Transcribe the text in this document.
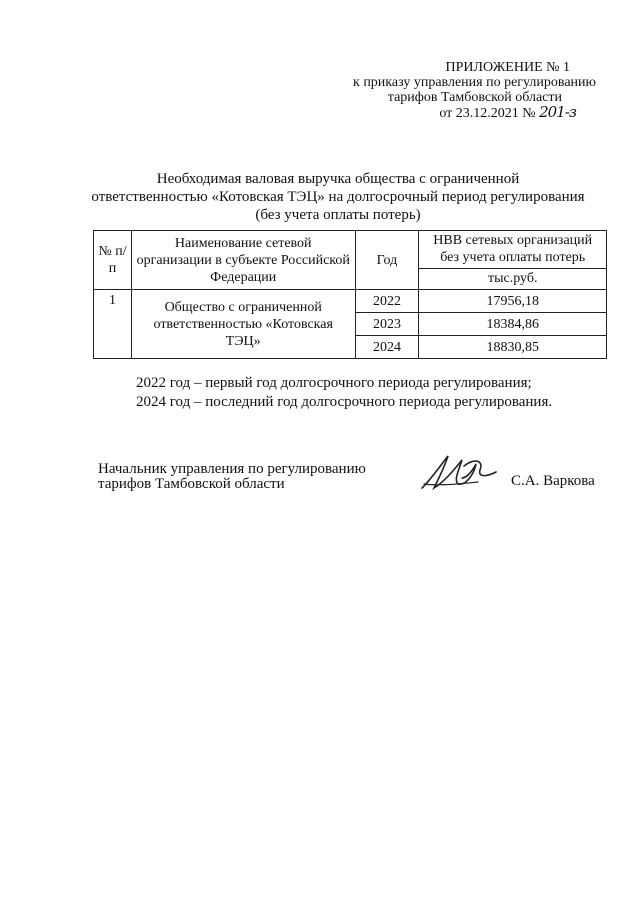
ПРИЛОЖЕНИЕ № 1
к приказу управления по регулированию
тарифов Тамбовской области
от 23.12.2021 № 201-з
Необходимая валовая выручка общества с ограниченной
ответственностью «Котовская ТЭЦ» на долгосрочный период регулирования
(без учета оплаты потерь)
№ п/п	Наименование сетевой организации в субъекте Российской Федерации	Год	НВВ сетевых организаций без учета оплаты потерь
			тыс.руб.
1	Общество с ограниченной ответственностью «Котовская ТЭЦ»	2022	17956,18
		2023	18384,86
		2024	18830,85
2022 год – первый год долгосрочного периода регулирования;
2024 год – последний год долгосрочного периода регулирования.
Начальник управления по регулированию
тарифов Тамбовской области	С.А. Варкова
